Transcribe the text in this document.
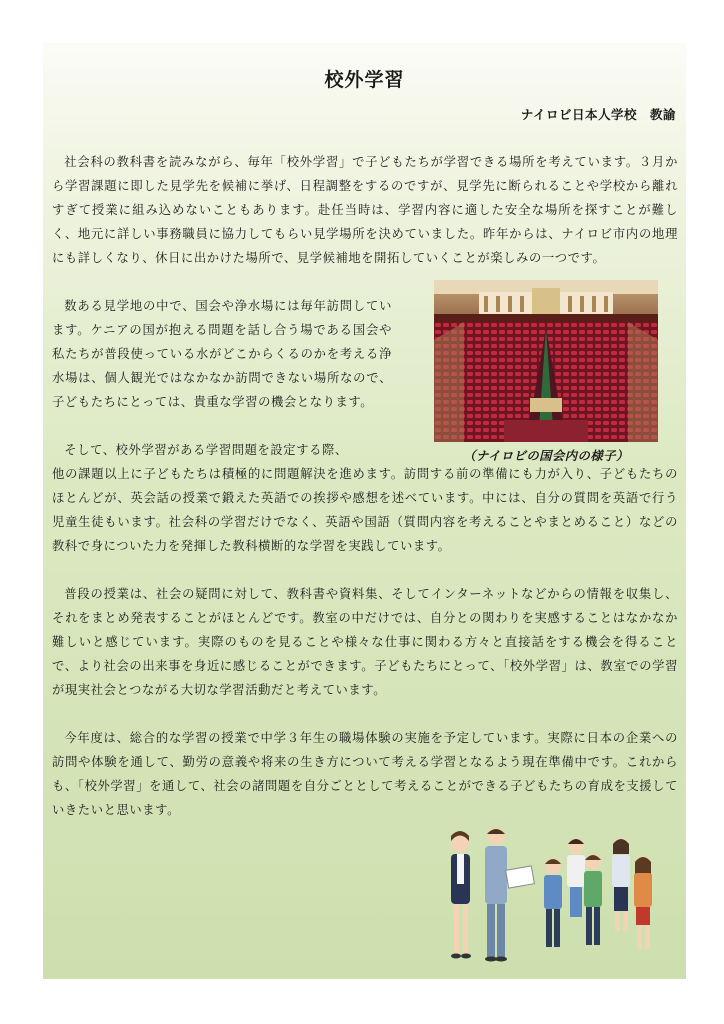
校外学習
ナイロビ日本人学校　教諭

社会科の教科書を読みながら、毎年「校外学習」で子どもたちが学習できる場所を考えています。３月から学習課題に即した見学先を候補に挙げ、日程調整をするのですが、見学先に断られることや学校から離れすぎて授業に組み込めないこともあります。赴任当時は、学習内容に適した安全な場所を探すことが難しく、地元に詳しい事務職員に協力してもらい見学場所を決めていました。昨年からは、ナイロビ市内の地理にも詳しくなり、休日に出かけた場所で、見学候補地を開拓していくことが楽しみの一つです。

数ある見学地の中で、国会や浄水場には毎年訪問しています。ケニアの国が抱える問題を話し合う場である国会や私たちが普段使っている水がどこからくるのかを考える浄水場は、個人観光ではなかなか訪問できない場所なので、子どもたちにとっては、貴重な学習の機会となります。

そして、校外学習がある学習問題を設定する際、

他の課題以上に子どもたちは積極的に問題解決を進めます。訪問する前の準備にも力が入り、子どもたちのほとんどが、英会話の授業で鍛えた英語での挨拶や感想を述べています。中には、自分の質問を英語で行う児童生徒もいます。社会科の学習だけでなく、英語や国語（質問内容を考えることやまとめること）などの教科で身についた力を発揮した教科横断的な学習を実践しています。

普段の授業は、社会の疑問に対して、教科書や資料集、そしてインターネットなどからの情報を収集し、それをまとめ発表することがほとんどです。教室の中だけでは、自分との関わりを実感することはなかなか難しいと感じています。実際のものを見ることや様々な仕事に関わる方々と直接話をする機会を得ることで、より社会の出来事を身近に感じることができます。子どもたちにとって、「校外学習」は、教室での学習が現実社会とつながる大切な学習活動だと考えています。

今年度は、総合的な学習の授業で中学３年生の職場体験の実施を予定しています。実際に日本の企業への訪問や体験を通して、勤労の意義や将来の生き方について考える学習となるよう現在準備中です。これからも、「校外学習」を通して、社会の諸問題を自分ごととして考えることができる子どもたちの育成を支援していきたいと思います。

（ナイロビの国会内の様子）
